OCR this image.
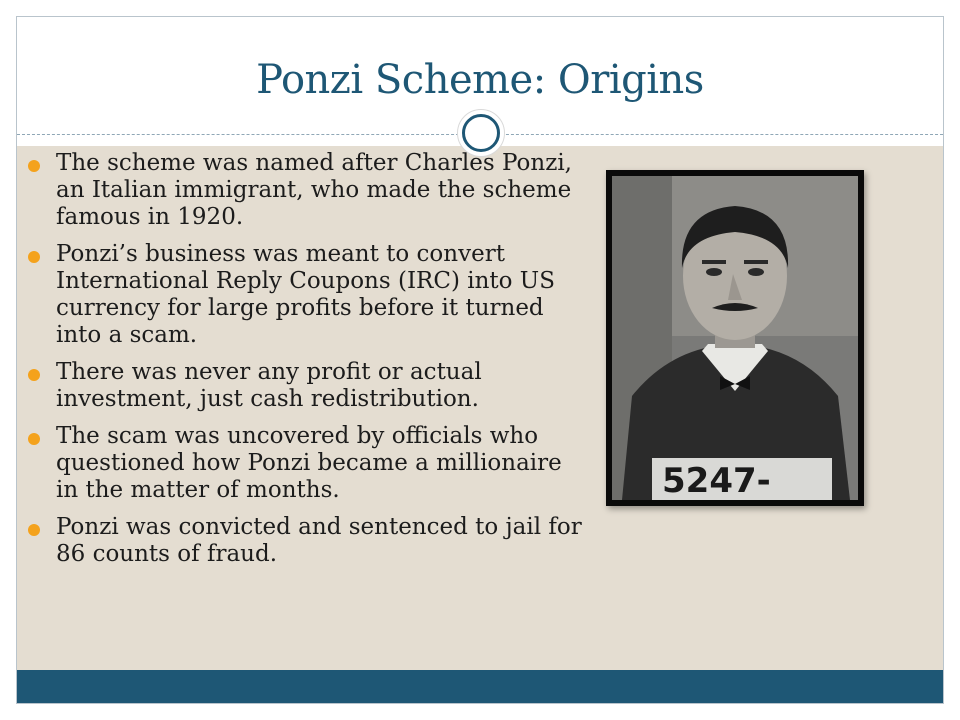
Ponzi Scheme: Origins
The scheme was named after Charles Ponzi, an Italian immigrant, who made the scheme famous in 1920.
Ponzi’s business was meant to convert International Reply Coupons (IRC) into US currency for large profits before it turned into a scam.
There was never any profit or actual investment, just cash redistribution.
The scam was uncovered by officials who questioned how Ponzi became a millionaire in the matter of months.
Ponzi was convicted and sentenced to jail for 86 counts of fraud.
5247-
